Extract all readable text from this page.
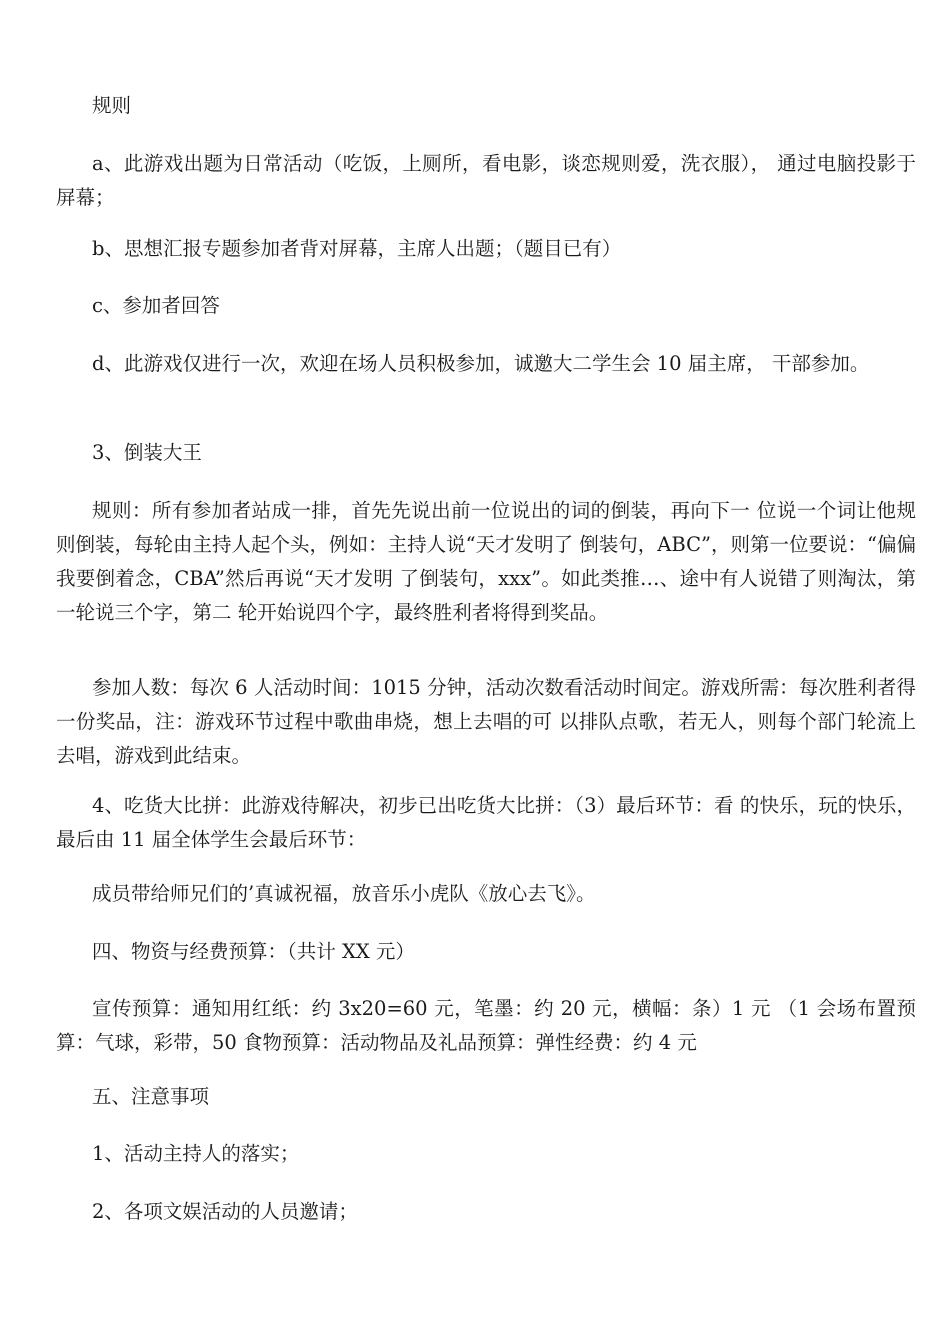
规则

a、此游戏出题为日常活动（吃饭，上厕所，看电影，谈恋规则爱，洗衣服）， 通过电脑投影于屏幕；

b、思想汇报专题参加者背对屏幕，主席人出题；（题目已有）

c、参加者回答

d、此游戏仅进行一次，欢迎在场人员积极参加，诚邀大二学生会 10 届主席， 干部参加。

3、倒装大王

规则：所有参加者站成一排，首先先说出前一位说出的词的倒装，再向下一 位说一个词让他规则倒装，每轮由主持人起个头，例如：主持人说“天才发明了 倒装句，ABC”，则第一位要说：“偏偏我要倒着念，CBA”然后再说“天才发明 了倒装句，xxx”。如此类推…、途中有人说错了则淘汰，第一轮说三个字，第二 轮开始说四个字，最终胜利者将得到奖品。

参加人数：每次 6 人活动时间：1015 分钟，活动次数看活动时间定。游戏所需：每次胜利者得一份奖品，注：游戏环节过程中歌曲串烧，想上去唱的可 以排队点歌，若无人，则每个部门轮流上去唱，游戏到此结束。

4、吃货大比拼：此游戏待解决，初步已出吃货大比拼：（3）最后环节：看 的快乐，玩的快乐，最后由 11 届全体学生会最后环节：

成员带给师兄们的’真诚祝福，放音乐小虎队《放心去飞》。

四、物资与经费预算：（共计 XX 元）

宣传预算：通知用红纸：约 3x20=60 元，笔墨：约 20 元，横幅：条）1 元 （1 会场布置预算：气球，彩带，50 食物预算：活动物品及礼品预算：弹性经费：约 4 元

五、注意事项

1、活动主持人的落实；

2、各项文娱活动的人员邀请；
